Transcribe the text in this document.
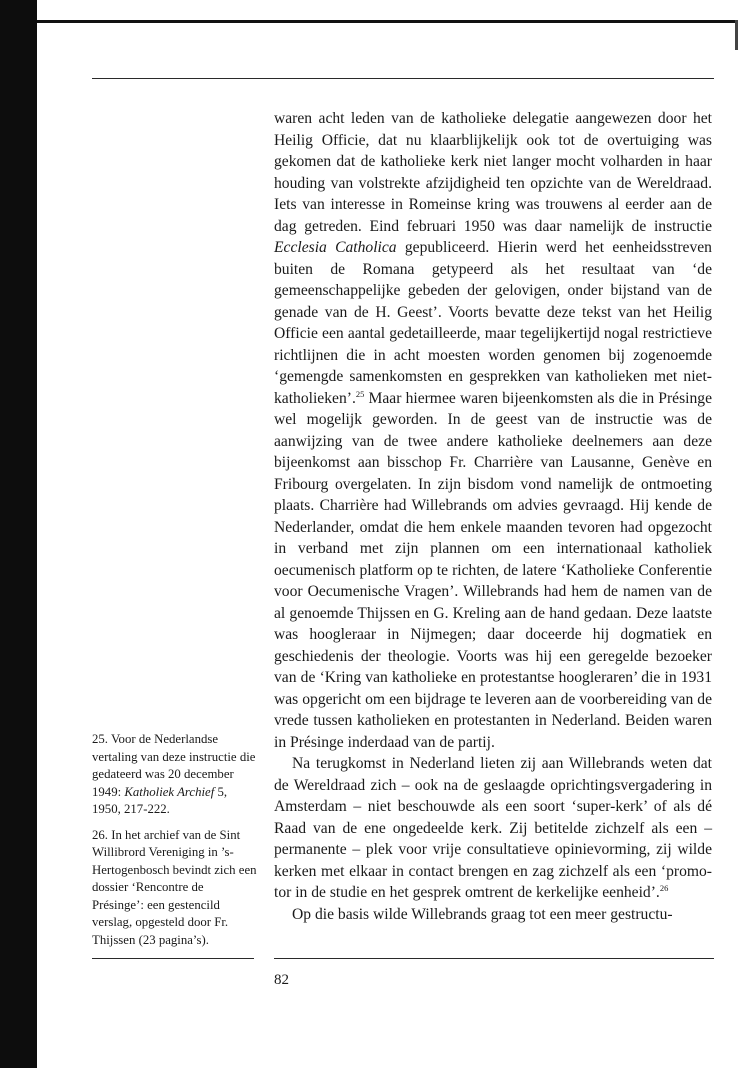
waren acht leden van de katholieke delegatie aangewezen door het Heilig Officie, dat nu klaarblijkelijk ook tot de overtuiging was gekomen dat de katholieke kerk niet langer mocht volharden in haar houding van volstrekte afzijdigheid ten opzichte van de Wereldraad. Iets van interesse in Romeinse kring was trouwens al eerder aan de dag getreden. Eind februari 1950 was daar namelijk de instructie Ecclesia Catholica gepubliceerd. Hierin werd het eenheidsstreven buiten de Romana getypeerd als het resultaat van ‘de gemeenschappelijke gebeden der gelovigen, onder bijstand van de genade van de H. Geest’. Voorts bevatte deze tekst van het Heilig Officie een aantal gedetailleerde, maar tegelijkertijd nogal restrictieve richtlijnen die in acht moesten worden genomen bij zogenoemde ‘gemengde samenkomsten en gesprekken van katholieken met niet-katholieken’.$^{25}$ Maar hiermee waren bijeenkomsten als die in Présinge wel mogelijk geworden. In de geest van de instructie was de aanwijzing van de twee andere katholieke deelnemers aan deze bijeenkomst aan bisschop Fr. Charrière van Lausanne, Genève en Fribourg overgelaten. In zijn bisdom vond namelijk de ontmoeting plaats. Charrière had Willebrands om advies gevraagd. Hij kende de Nederlander, omdat die hem enkele maanden tevoren had opgezocht in verband met zijn plannen om een internationaal katholiek oecumenisch platform op te richten, de latere ‘Katholieke Conferentie voor Oecumenische Vragen’. Willebrands had hem de namen van de al genoemde Thijssen en G. Kreling aan de hand gedaan. Deze laatste was hoogleraar in Nijmegen; daar doceerde hij dogmatiek en geschiedenis der theologie. Voorts was hij een geregelde bezoeker van de ‘Kring van katholieke en protestantse hoogleraren’ die in 1931 was opgericht om een bijdrage te leveren aan de voorbereiding van de vrede tussen katholieken en protestanten in Nederland. Beiden waren in Présinge inderdaad van de partij.

Na terugkomst in Nederland lieten zij aan Willebrands weten dat de Wereldraad zich – ook na de geslaagde oprichtingsvergadering in Amsterdam – niet beschouwde als een soort ‘super-kerk’ of als dé Raad van de ene ongedeelde kerk. Zij betitelde zichzelf als een – permanente – plek voor vrije consultatieve opinievorming, zij wilde kerken met elkaar in contact brengen en zag zichzelf als een ‘promotor in de studie en het gesprek omtrent de kerkelijke eenheid’.$^{26}$

Op die basis wilde Willebrands graag tot een meer gestructu-

25. Voor de Nederlandse vertaling van deze instructie die gedateerd was 20 december 1949: Katholiek Archief 5, 1950, 217-222.

26. In het archief van de Sint Willibrord Vereniging in ’s-Hertogenbosch bevindt zich een dossier ‘Rencontre de Présinge’: een gestencild verslag, opgesteld door Fr. Thijssen (23 pagina’s).

82
